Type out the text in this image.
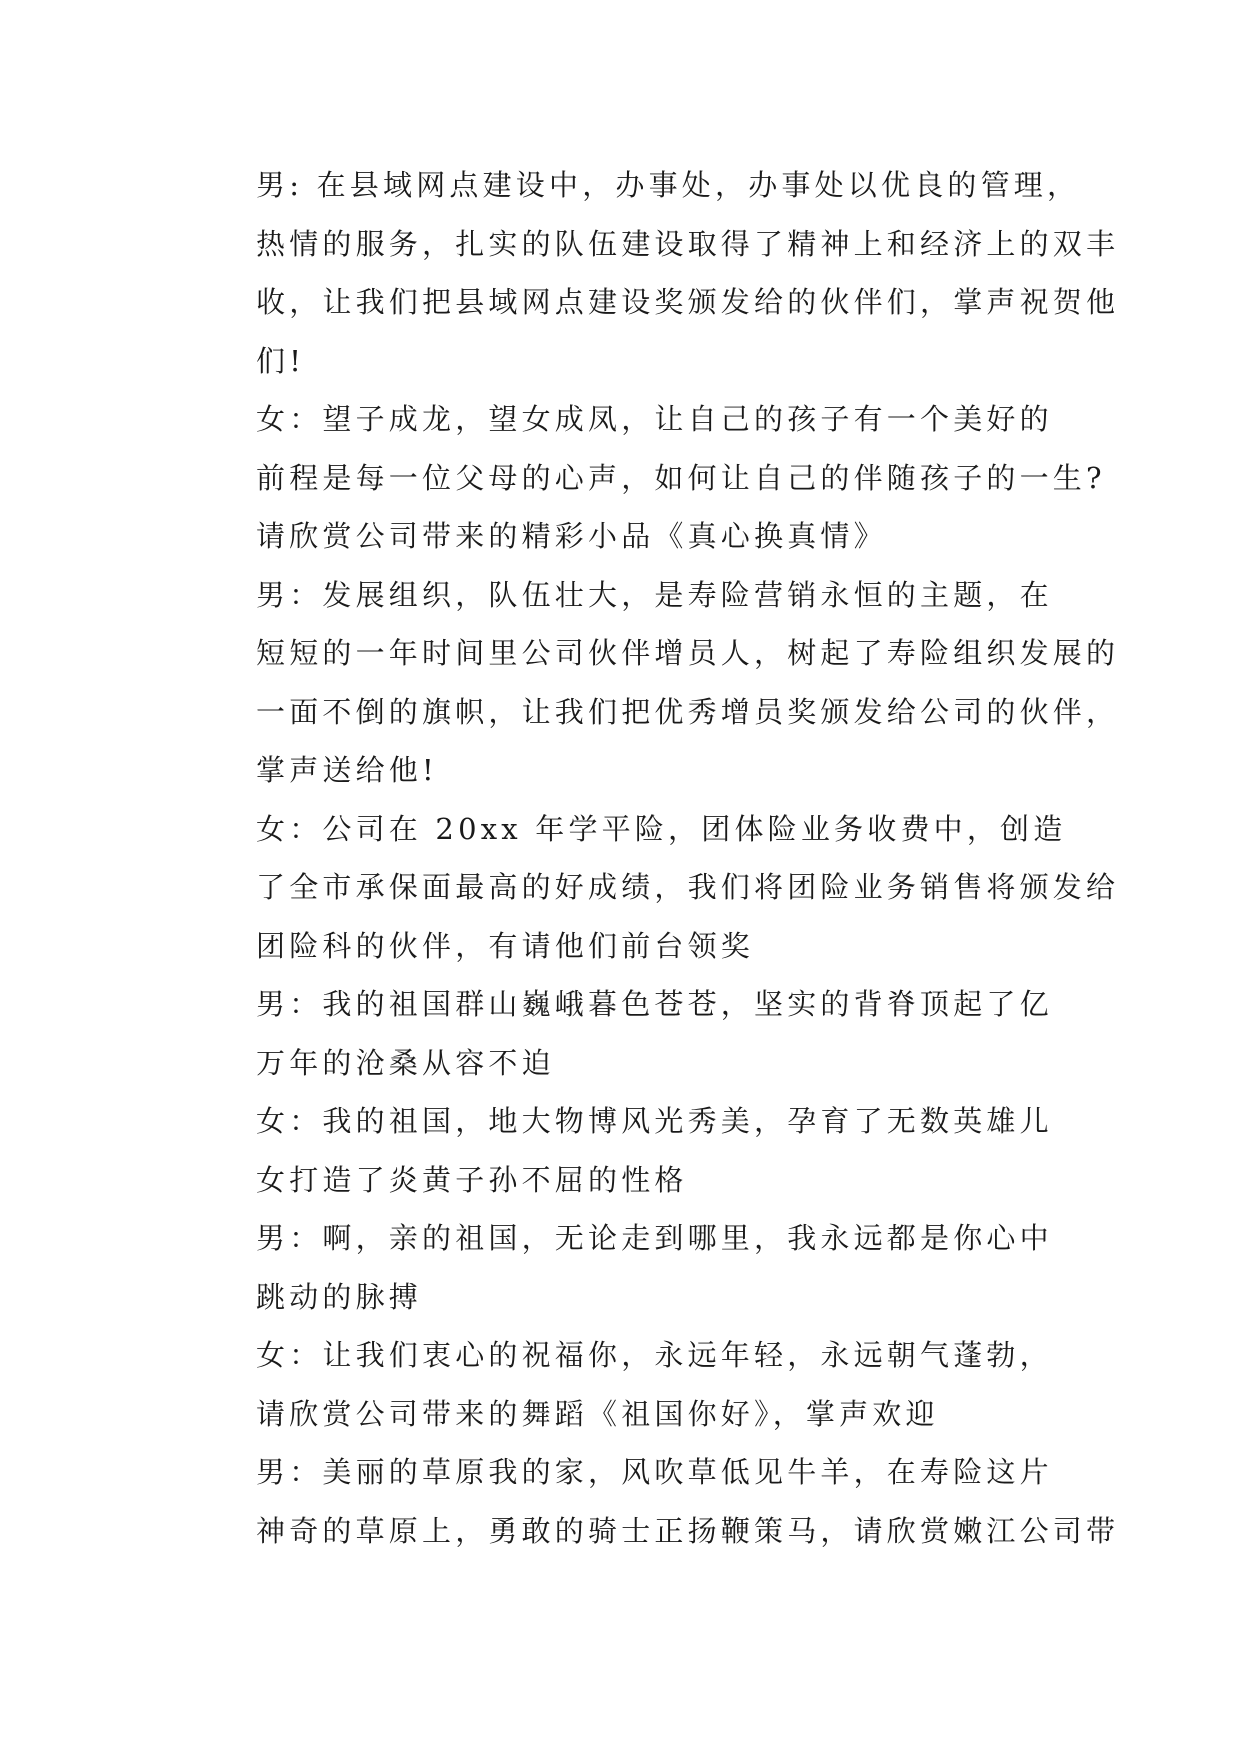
男: 在县域网点建设中，办事处，办事处以优良的管理，
热情的服务，扎实的队伍建设取得了精神上和经济上的双丰
收，让我们把县域网点建设奖颁发给的伙伴们，掌声祝贺他
们!

女：望子成龙，望女成凤，让自己的孩子有一个美好的
前程是每一位父母的心声，如何让自己的伴随孩子的一生?
请欣赏公司带来的精彩小品《真心换真情》

男：发展组织，队伍壮大，是寿险营销永恒的主题，在
短短的一年时间里公司伙伴增员人，树起了寿险组织发展的
一面不倒的旗帜，让我们把优秀增员奖颁发给公司的伙伴，
掌声送给他!

女：公司在 20xx 年学平险，团体险业务收费中，创造
了全市承保面最高的好成绩，我们将团险业务销售将颁发给
团险科的伙伴，有请他们前台领奖

男：我的祖国群山巍峨暮色苍苍，坚实的背脊顶起了亿
万年的沧桑从容不迫

女：我的祖国，地大物博风光秀美，孕育了无数英雄儿
女打造了炎黄子孙不屈的性格

男：啊，亲的祖国，无论走到哪里，我永远都是你心中
跳动的脉搏

女：让我们衷心的祝福你，永远年轻，永远朝气蓬勃，
请欣赏公司带来的舞蹈《祖国你好》，掌声欢迎

男：美丽的草原我的家，风吹草低见牛羊，在寿险这片
神奇的草原上，勇敢的骑士正扬鞭策马，请欣赏嫩江公司带
